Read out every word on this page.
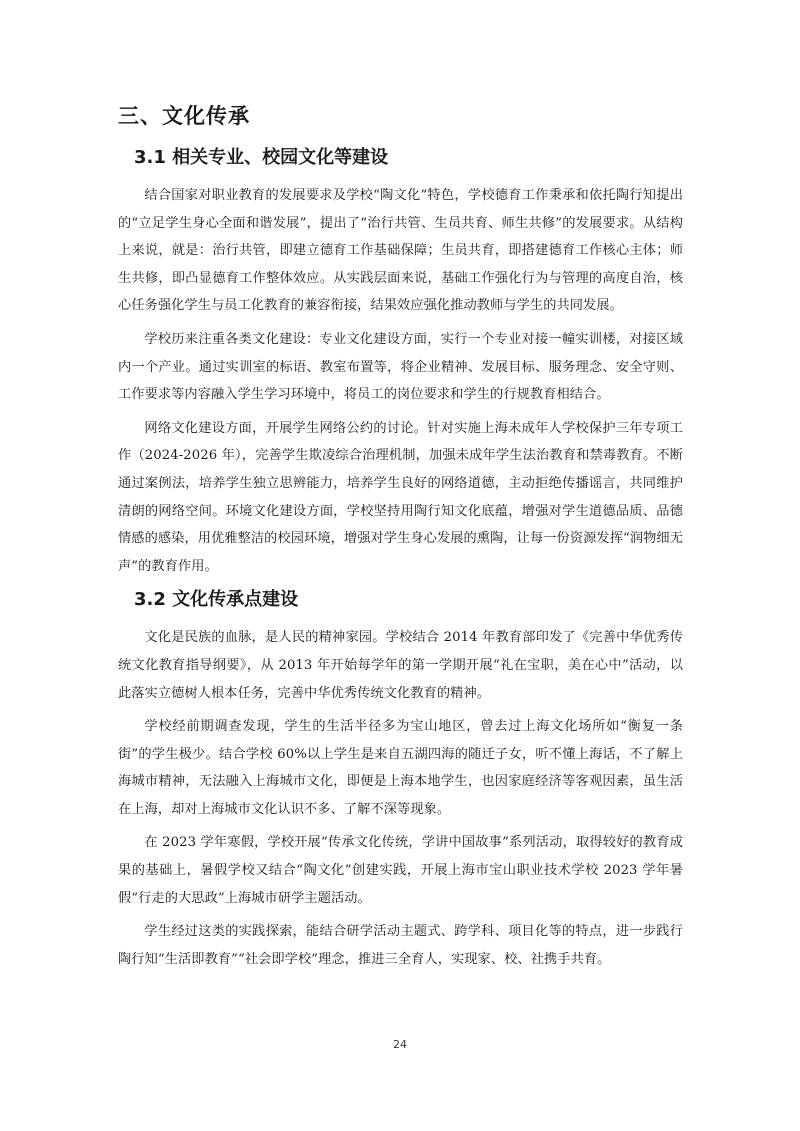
三、文化传承
3.1 相关专业、校园文化等建设

结合国家对职业教育的发展要求及学校“陶文化”特色，学校德育工作秉承和依托陶行知提出的“立足学生身心全面和谐发展”，提出了“治行共管、生员共育、师生共修”的发展要求。从结构上来说，就是：治行共管，即建立德育工作基础保障；生员共育，即搭建德育工作核心主体；师生共修，即凸显德育工作整体效应。从实践层面来说，基础工作强化行为与管理的高度自治，核心任务强化学生与员工化教育的兼容衔接，结果效应强化推动教师与学生的共同发展。

学校历来注重各类文化建设：专业文化建设方面，实行一个专业对接一幢实训楼，对接区域内一个产业。通过实训室的标语、教室布置等，将企业精神、发展目标、服务理念、安全守则、工作要求等内容融入学生学习环境中，将员工的岗位要求和学生的行规教育相结合。

网络文化建设方面，开展学生网络公约的讨论。针对实施上海未成年人学校保护三年专项工作（2024-2026 年），完善学生欺凌综合治理机制，加强未成年学生法治教育和禁毒教育。不断通过案例法，培养学生独立思辨能力，培养学生良好的网络道德，主动拒绝传播谣言，共同维护清朗的网络空间。环境文化建设方面，学校坚持用陶行知文化底蕴，增强对学生道德品质、品德情感的感染，用优雅整洁的校园环境，增强对学生身心发展的熏陶，让每一份资源发挥“润物细无声”的教育作用。

3.2 文化传承点建设

文化是民族的血脉，是人民的精神家园。学校结合 2014 年教育部印发了《完善中华优秀传统文化教育指导纲要》，从 2013 年开始每学年的第一学期开展“礼在宝职，美在心中”活动，以此落实立德树人根本任务，完善中华优秀传统文化教育的精神。

学校经前期调查发现，学生的生活半径多为宝山地区，曾去过上海文化场所如“衡复一条街”的学生极少。结合学校 60%以上学生是来自五湖四海的随迁子女，听不懂上海话，不了解上海城市精神，无法融入上海城市文化，即便是上海本地学生，也因家庭经济等客观因素，虽生活在上海，却对上海城市文化认识不多、了解不深等现象。

在 2023 学年寒假，学校开展“传承文化传统，学讲中国故事”系列活动，取得较好的教育成果的基础上，暑假学校又结合“陶文化”创建实践，开展上海市宝山职业技术学校 2023 学年暑假“行走的大思政”上海城市研学主题活动。

学生经过这类的实践探索，能结合研学活动主题式、跨学科、项目化等的特点，进一步践行陶行知“生活即教育”“社会即学校”理念，推进三全育人，实现家、校、社携手共育。

24
